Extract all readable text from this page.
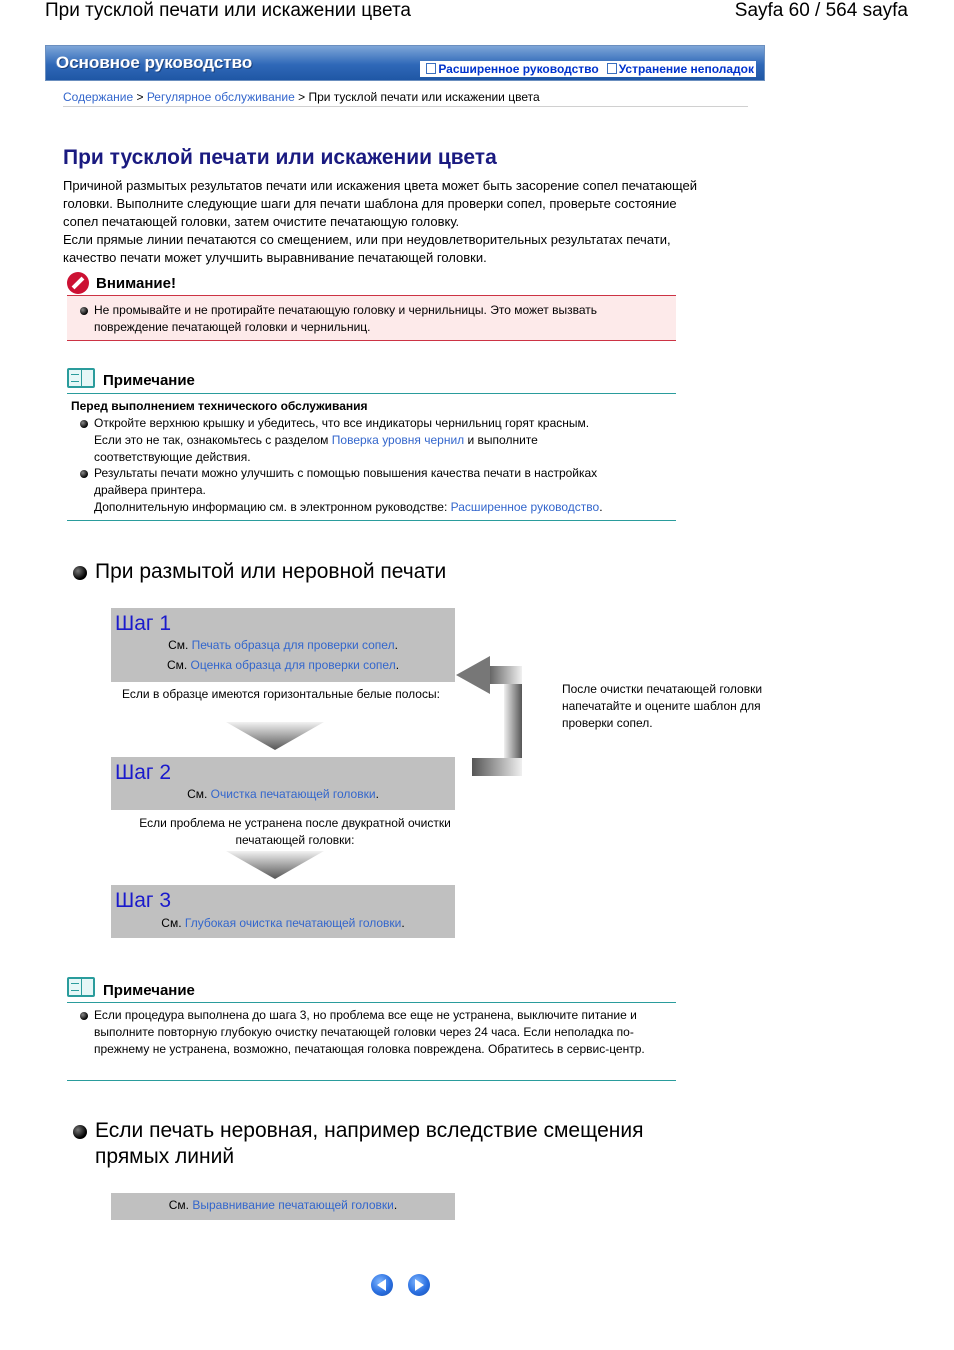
При тусклой печати или искажении цвета	Sayfa 60 / 564 sayfa
Основное руководство	Расширенное руководство Устранение неполадок
Содержание > Регулярное обслуживание > При тусклой печати или искажении цвета
При тусклой печати или искажении цвета
Причиной размытых результатов печати или искажения цвета может быть засорение сопел печатающей головки. Выполните следующие шаги для печати шаблона для проверки сопел, проверьте состояние сопел печатающей головки, затем очистите печатающую головку.
Если прямые линии печатаются со смещением, или при неудовлетворительных результатах печати, качество печати может улучшить выравнивание печатающей головки.
Внимание!
Не промывайте и не протирайте печатающую головку и чернильницы. Это может вызвать повреждение печатающей головки и чернильниц.
Примечание
Перед выполнением технического обслуживания
Откройте верхнюю крышку и убедитесь, что все индикаторы чернильниц горят красным.
Если это не так, ознакомьтесь с разделом Поверка уровня чернил и выполните
соответствующие действия.
Результаты печати можно улучшить с помощью повышения качества печати в настройках
драйвера принтера.
Дополнительную информацию см. в электронном руководстве: Расширенное руководство.
При размытой или неровной печати
Шаг 1
См. Печать образца для проверки сопел.
См. Оценка образца для проверки сопел.
Если в образце имеются горизонтальные белые полосы:	После очистки печатающей головки напечатайте и оцените шаблон для проверки сопел.
Шаг 2
См. Очистка печатающей головки.
Если проблема не устранена после двукратной очистки печатающей головки:
Шаг 3
См. Глубокая очистка печатающей головки.
Примечание
Если процедура выполнена до шага 3, но проблема все еще не устранена, выключите питание и выполните повторную глубокую очистку печатающей головки через 24 часа. Если неполадка по-прежнему не устранена, возможно, печатающая головка повреждена. Обратитесь в сервис-центр.
Если печать неровная, например вследствие смещения прямых линий
См. Выравнивание печатающей головки.
